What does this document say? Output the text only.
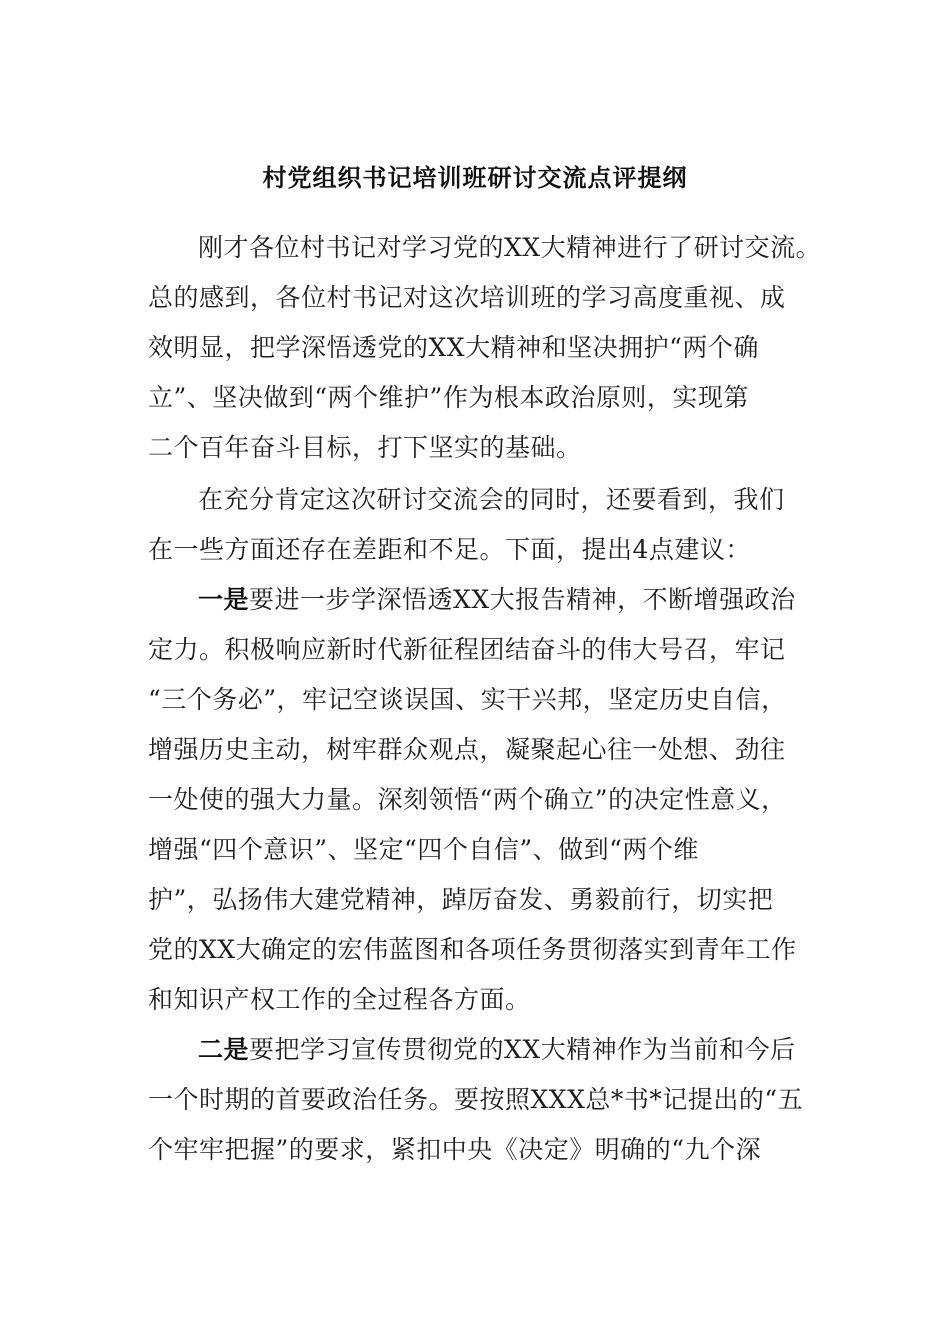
村党组织书记培训班研讨交流点评提纲
刚才各位村书记对学习党的XX大精神进行了研讨交流。
总的感到，各位村书记对这次培训班的学习高度重视、成
效明显，把学深悟透党的XX大精神和坚决拥护“两个确
立”、坚决做到“两个维护”作为根本政治原则，实现第
二个百年奋斗目标，打下坚实的基础。
在充分肯定这次研讨交流会的同时，还要看到，我们
在一些方面还存在差距和不足。下面，提出4点建议：
一是要进一步学深悟透XX大报告精神，不断增强政治
定力。积极响应新时代新征程团结奋斗的伟大号召，牢记
“三个务必”，牢记空谈误国、实干兴邦，坚定历史自信，
增强历史主动，树牢群众观点，凝聚起心往一处想、劲往
一处使的强大力量。深刻领悟“两个确立”的决定性意义，
增强“四个意识”、坚定“四个自信”、做到“两个维
护”，弘扬伟大建党精神，踔厉奋发、勇毅前行，切实把
党的XX大确定的宏伟蓝图和各项任务贯彻落实到青年工作
和知识产权工作的全过程各方面。
二是要把学习宣传贯彻党的XX大精神作为当前和今后
一个时期的首要政治任务。要按照XXX总*书*记提出的“五
个牢牢把握”的要求，紧扣中央《决定》明确的“九个深
